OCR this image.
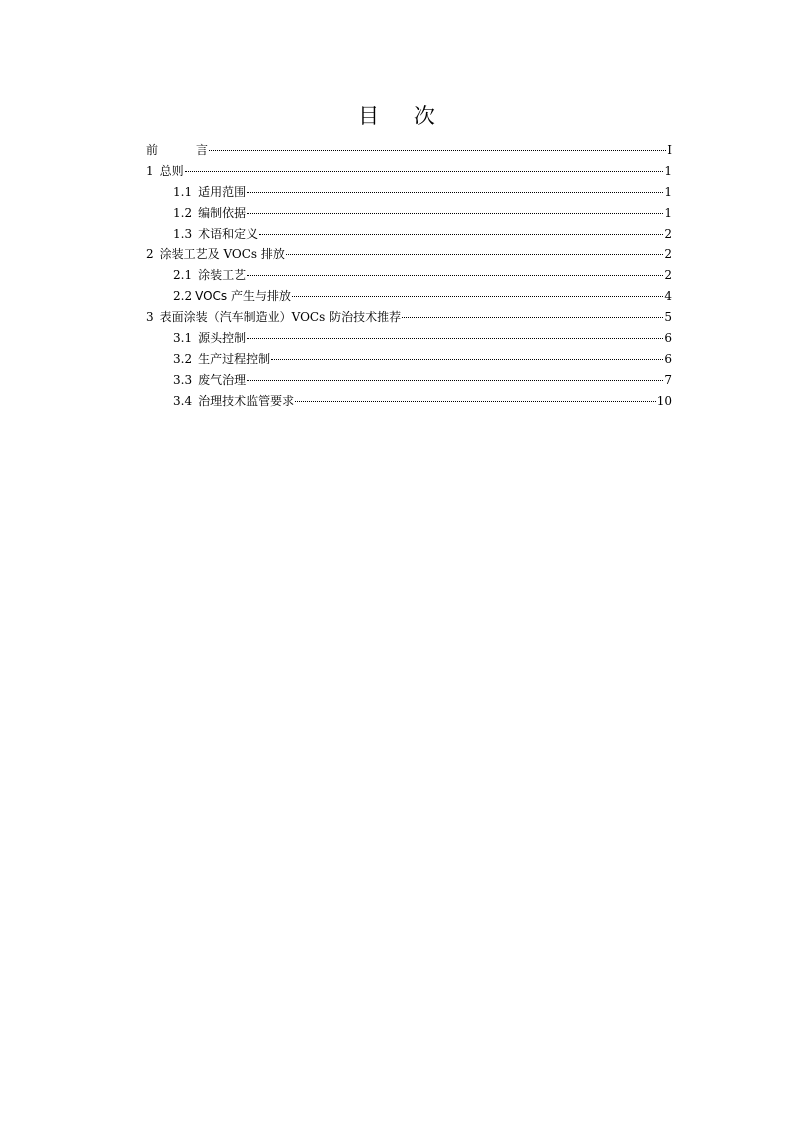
目 次
前 言	I
1 总则	1
1.1 适用范围	1
1.2 编制依据	1
1.3 术语和定义	2
2 涂装工艺及 VOCs 排放	2
2.1 涂装工艺	2
2.2 VOCs 产生与排放	4
3 表面涂装（汽车制造业）VOCs 防治技术推荐	5
3.1 源头控制	6
3.2 生产过程控制	6
3.3 废气治理	7
3.4 治理技术监管要求	10
